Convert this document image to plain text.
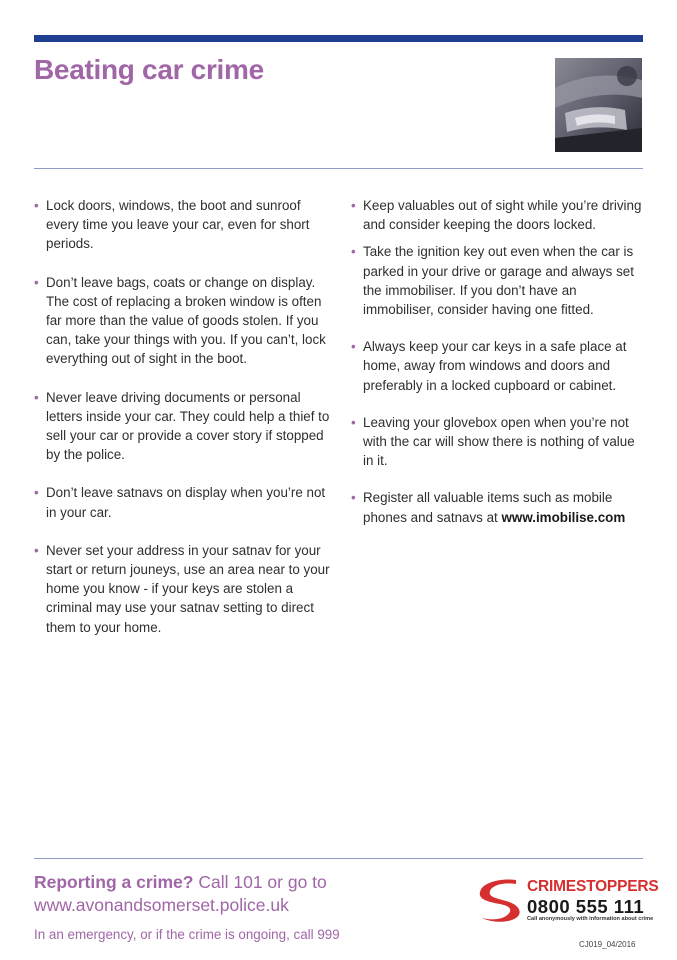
Beating car crime
• Lock doors, windows, the boot and sunroof every time you leave your car, even for short periods.
• Don’t leave bags, coats or change on display. The cost of replacing a broken window is often far more than the value of goods stolen. If you can, take your things with you. If you can’t, lock everything out of sight in the boot.
• Never leave driving documents or personal letters inside your car. They could help a thief to sell your car or provide a cover story if stopped by the police.
• Don’t leave satnavs on display when you’re not in your car.
• Never set your address in your satnav for your start or return jouneys, use an area near to your home you know - if your keys are stolen a criminal may use your satnav setting to direct them to your home.
• Keep valuables out of sight while you’re driving and consider keeping the doors locked.
• Take the ignition key out even when the car is parked in your drive or garage and always set the immobiliser. If you don’t have an immobiliser, consider having one fitted.
• Always keep your car keys in a safe place at home, away from windows and doors and preferably in a locked cupboard or cabinet.
• Leaving your glovebox open when you’re not with the car will show there is nothing of value in it.
• Register all valuable items such as mobile phones and satnavs at www.imobilise.com
Reporting a crime? Call 101 or go to
www.avonandsomerset.police.uk
In an emergency, or if the crime is ongoing, call 999
CRIMESTOPPERS
0800 555 111
Call anonymously with information about crime
CJ019_04/2016
